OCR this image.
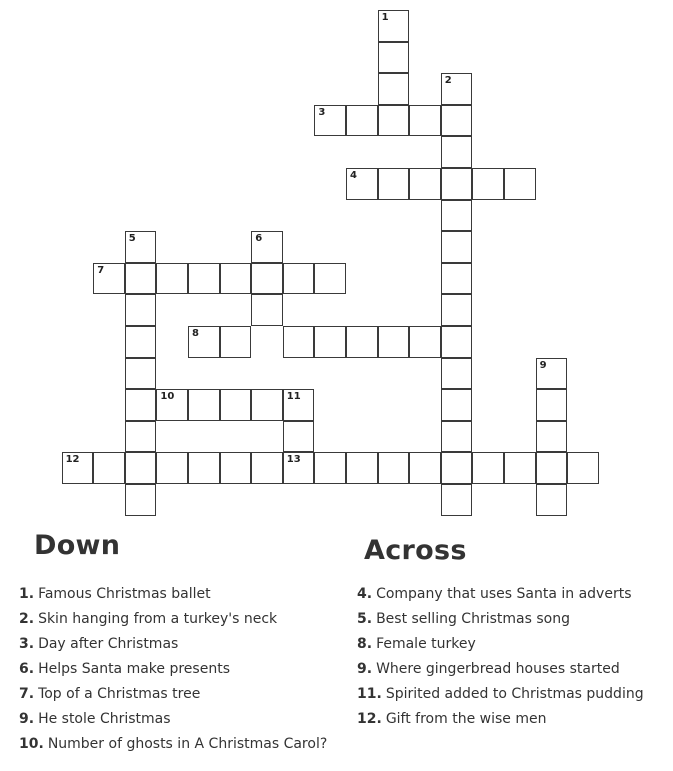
1
2
3
4
5	6
7
8
9
10	11
12	13
Down	Across
1. Famous Christmas ballet
2. Skin hanging from a turkey's neck
3. Day after Christmas
6. Helps Santa make presents
7. Top of a Christmas tree
9. He stole Christmas
10. Number of ghosts in A Christmas Carol?
4. Company that uses Santa in adverts
5. Best selling Christmas song
8. Female turkey
9. Where gingerbread houses started
11. Spirited added to Christmas pudding
12. Gift from the wise men
